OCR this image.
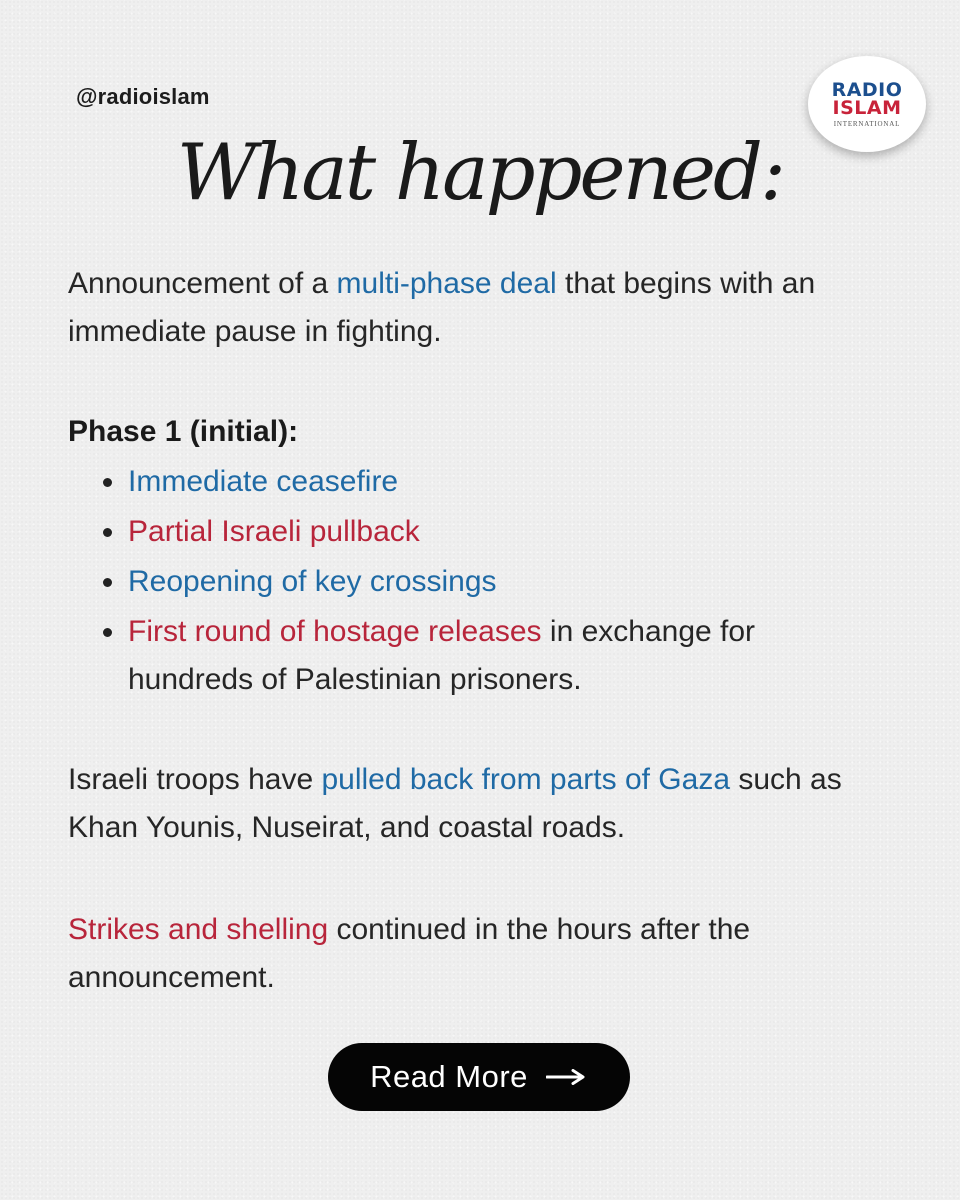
@radioislam	RADIO
ISLAM
INTERNATIONAL
What happened:

Announcement of a multi-phase deal that begins with an immediate pause in fighting.

Phase 1 (initial):

Immediate ceasefire
Partial Israeli pullback
Reopening of key crossings
First round of hostage releases in exchange for hundreds of Palestinian prisoners.

Israeli troops have pulled back from parts of Gaza such as Khan Younis, Nuseirat, and coastal roads.

Strikes and shelling continued in the hours after the announcement.

Read More
